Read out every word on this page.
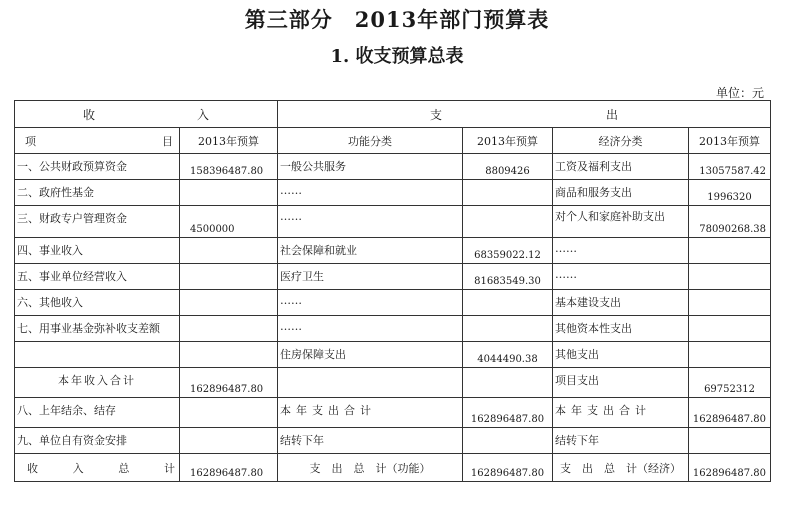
第三部分　2013年部门预算表
1. 收支预算总表
单位：元
收 入		支 出			

项 目	2013年预算	功能分类	2013年预算	经济分类	2013年预算
一、公共财政预算资金	158396487.80	一般公共服务	8809426	工资及福利支出	13057587.42
二、政府性基金		……		商品和服务支出	1996320
三、财政专户管理资金	4500000	……		对个人和家庭补助支出	78090268.38
四、事业收入		社会保障和就业	68359022.12	……	
五、事业单位经营收入		医疗卫生	81683549.30	……	
六、其他收入		……		基本建设支出	
七、用事业基金弥补收支差额		……		其他资本性支出	
		住房保障支出	4044490.38	其他支出	
本年收入合计	162896487.80			项目支出	69752312
八、上年结余、结存		本年支出合计	162896487.80	本年支出合计	162896487.80
九、单位自有资金安排		结转下年		结转下年	

收 入 总 计	162896487.80	支　出　总　计（功能）	162896487.80	支　出　总　计（经济）	162896487.80
